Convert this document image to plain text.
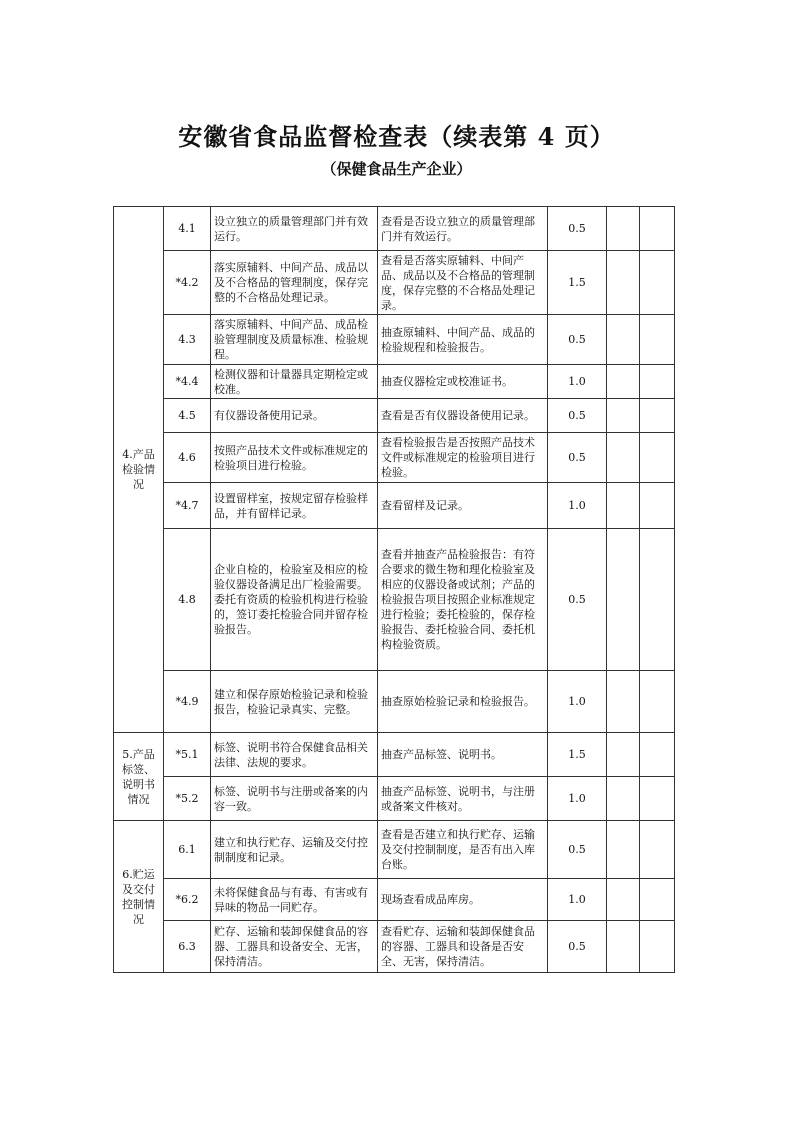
安徽省食品监督检查表（续表第 4 页）
（保健食品生产企业）
4.产品检验情况	4.1	设立独立的质量管理部门并有效运行。	查看是否设立独立的质量管理部门并有效运行。	0.5		
	*4.2	落实原辅料、中间产品、成品以及不合格品的管理制度，保存完整的不合格品处理记录。	查看是否落实原辅料、中间产品、成品以及不合格品的管理制度，保存完整的不合格品处理记录。	1.5		
	4.3	落实原辅料、中间产品、成品检验管理制度及质量标准、检验规程。	抽查原辅料、中间产品、成品的检验规程和检验报告。	0.5		
	*4.4	检测仪器和计量器具定期检定或校准。	抽查仪器检定或校准证书。	1.0		
	4.5	有仪器设备使用记录。	查看是否有仪器设备使用记录。	0.5		
	4.6	按照产品技术文件或标准规定的检验项目进行检验。	查看检验报告是否按照产品技术文件或标准规定的检验项目进行检验。	0.5		
	*4.7	设置留样室，按规定留存检验样品，并有留样记录。	查看留样及记录。	1.0		
	4.8	企业自检的，检验室及相应的检验仪器设备满足出厂检验需要。委托有资质的检验机构进行检验的，签订委托检验合同并留存检验报告。	查看并抽查产品检验报告：有符合要求的微生物和理化检验室及相应的仪器设备或试剂；产品的检验报告项目按照企业标准规定进行检验；委托检验的，保存检验报告、委托检验合同、委托机构检验资质。	0.5		
	*4.9	建立和保存原始检验记录和检验报告，检验记录真实、完整。	抽查原始检验记录和检验报告。	1.0		
5.产品标签、说明书情况	*5.1	标签、说明书符合保健食品相关法律、法规的要求。	抽查产品标签、说明书。	1.5		
	*5.2	标签、说明书与注册或备案的内容一致。	抽查产品标签、说明书，与注册或备案文件核对。	1.0		
6.贮运及交付控制情况	6.1	建立和执行贮存、运输及交付控制制度和记录。	查看是否建立和执行贮存、运输及交付控制制度，是否有出入库台账。	0.5		
	*6.2	未将保健食品与有毒、有害或有异味的物品一同贮存。	现场查看成品库房。	1.0		
	6.3	贮存、运输和装卸保健食品的容器、工器具和设备安全、无害，保持清洁。	查看贮存、运输和装卸保健食品的容器、工器具和设备是否安全、无害，保持清洁。	0.5		
